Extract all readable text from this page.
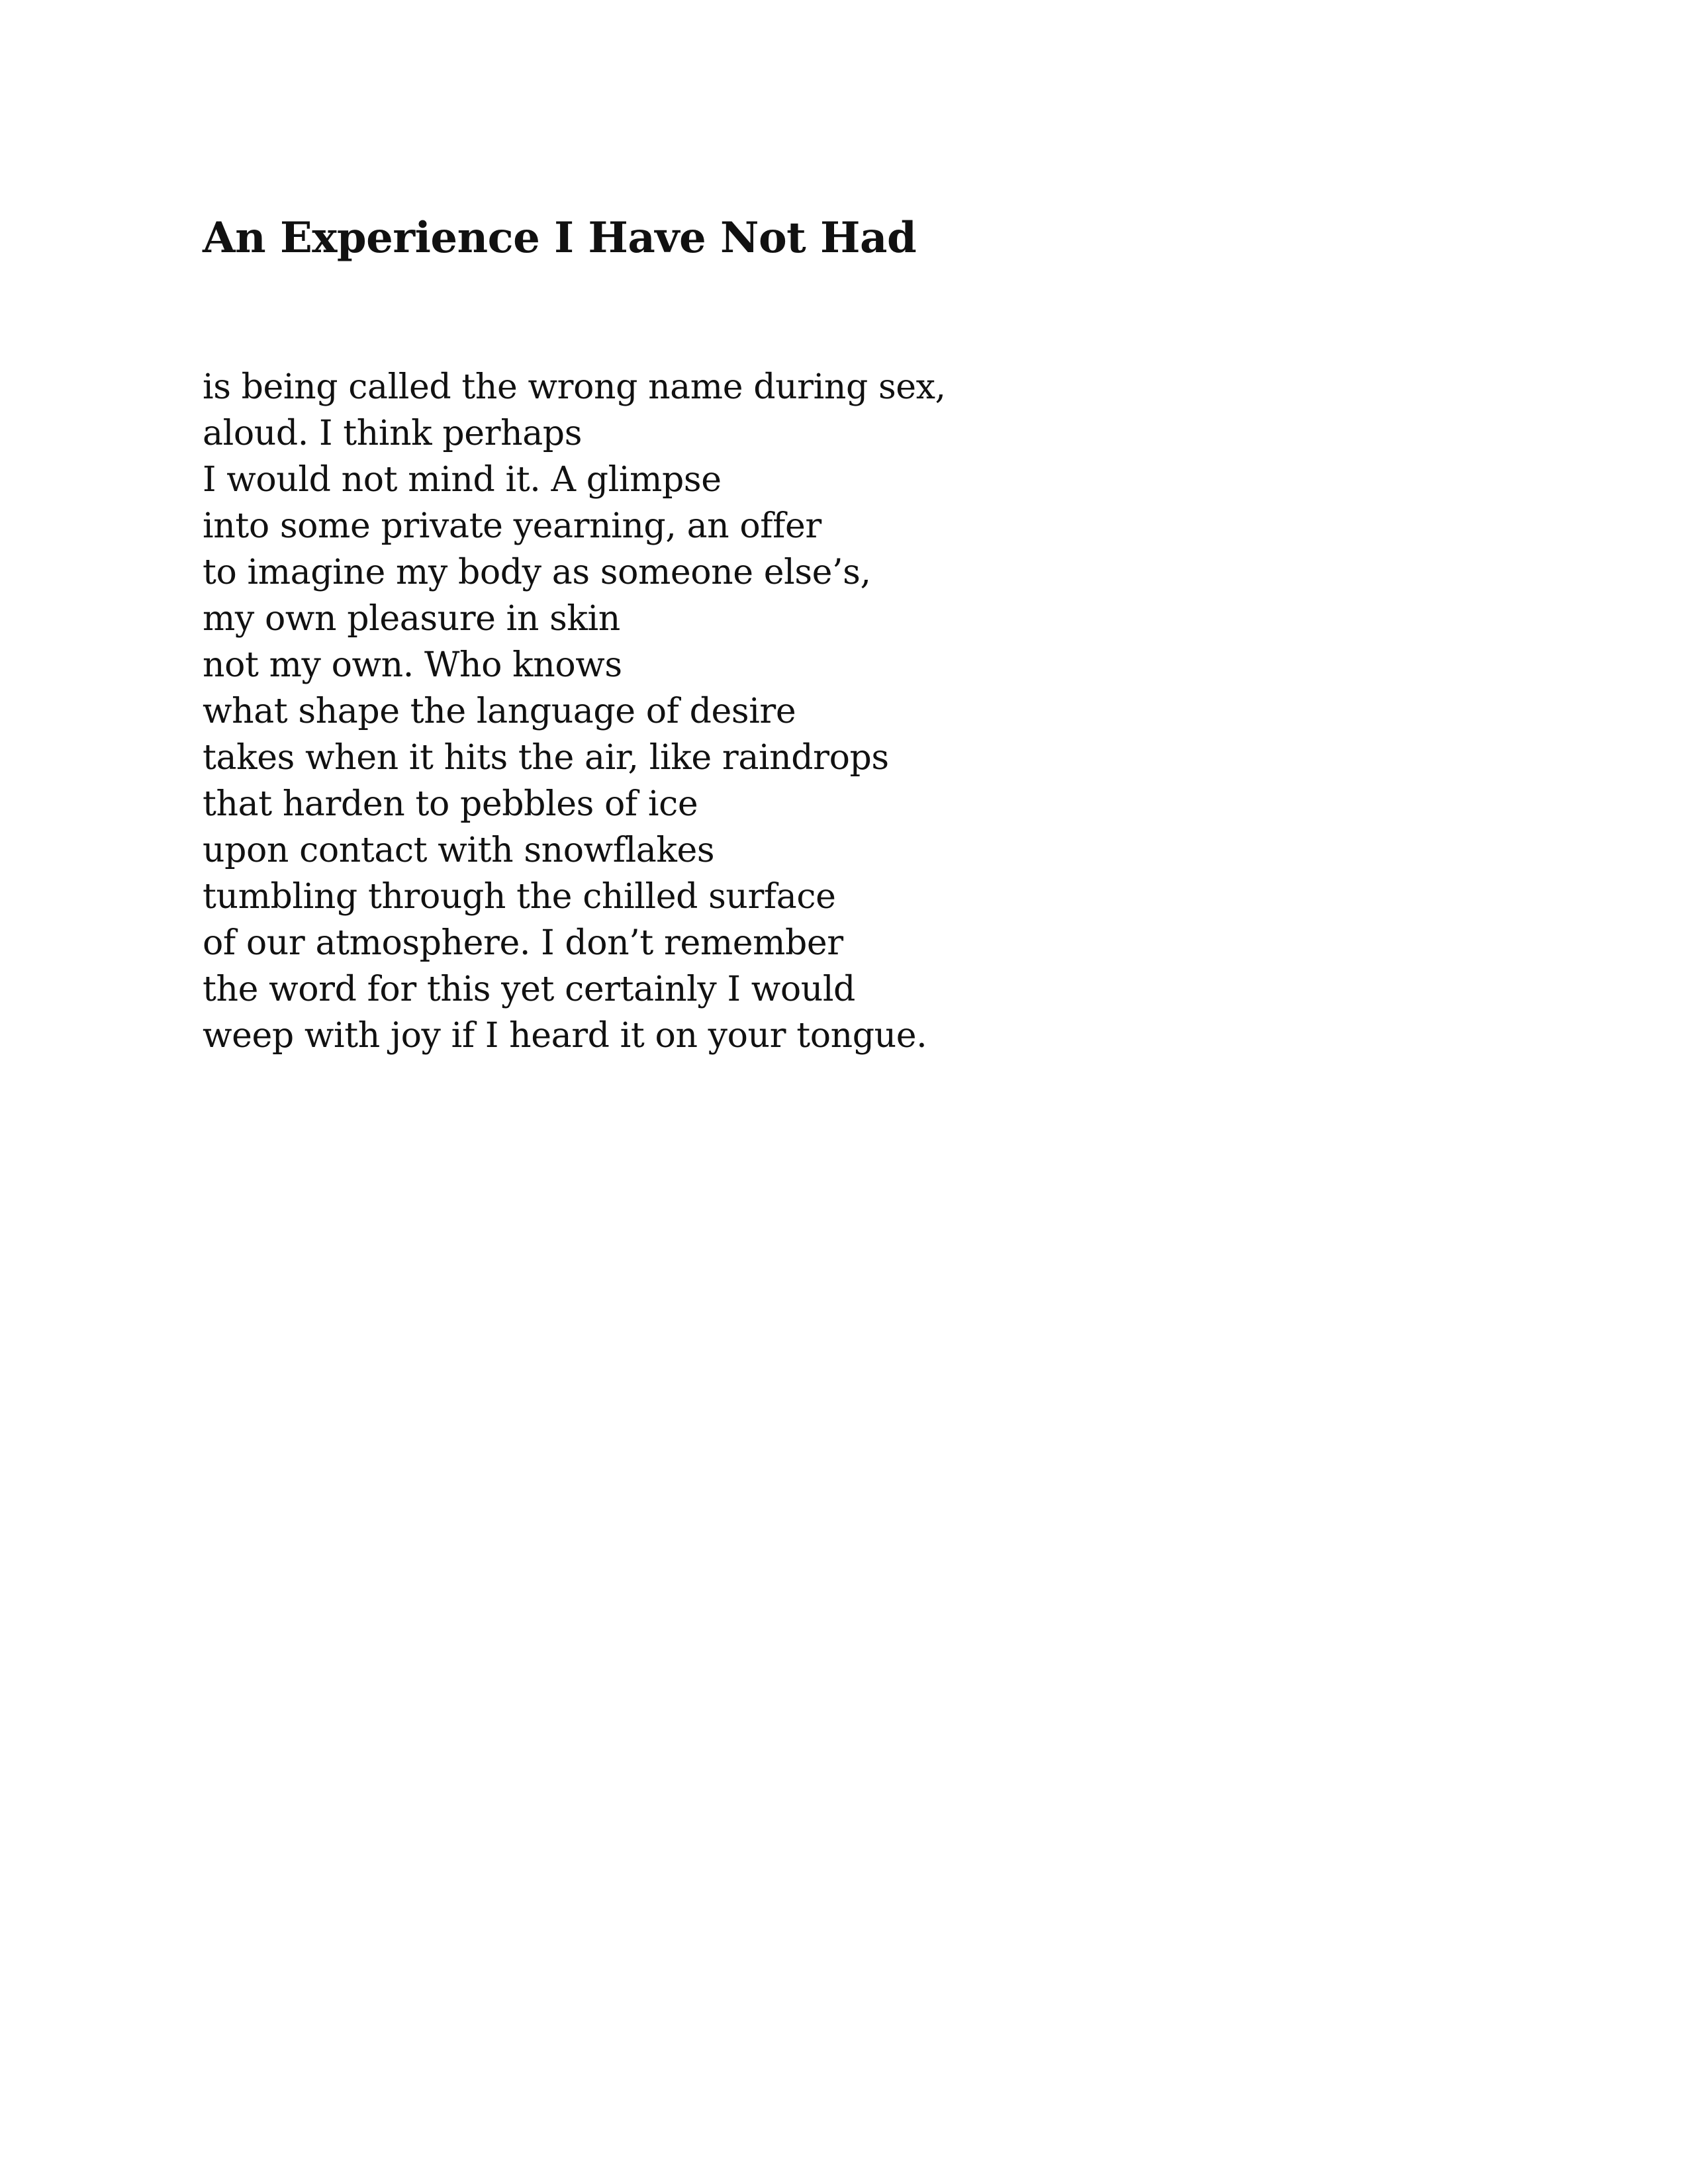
An Experience I Have Not Had
is being called the wrong name during sex,
aloud. I think perhaps
I would not mind it. A glimpse
into some private yearning, an offer
to imagine my body as someone else’s,
my own pleasure in skin
not my own. Who knows
what shape the language of desire
takes when it hits the air, like raindrops
that harden to pebbles of ice
upon contact with snowflakes
tumbling through the chilled surface
of our atmosphere. I don’t remember
the word for this yet certainly I would
weep with joy if I heard it on your tongue.
